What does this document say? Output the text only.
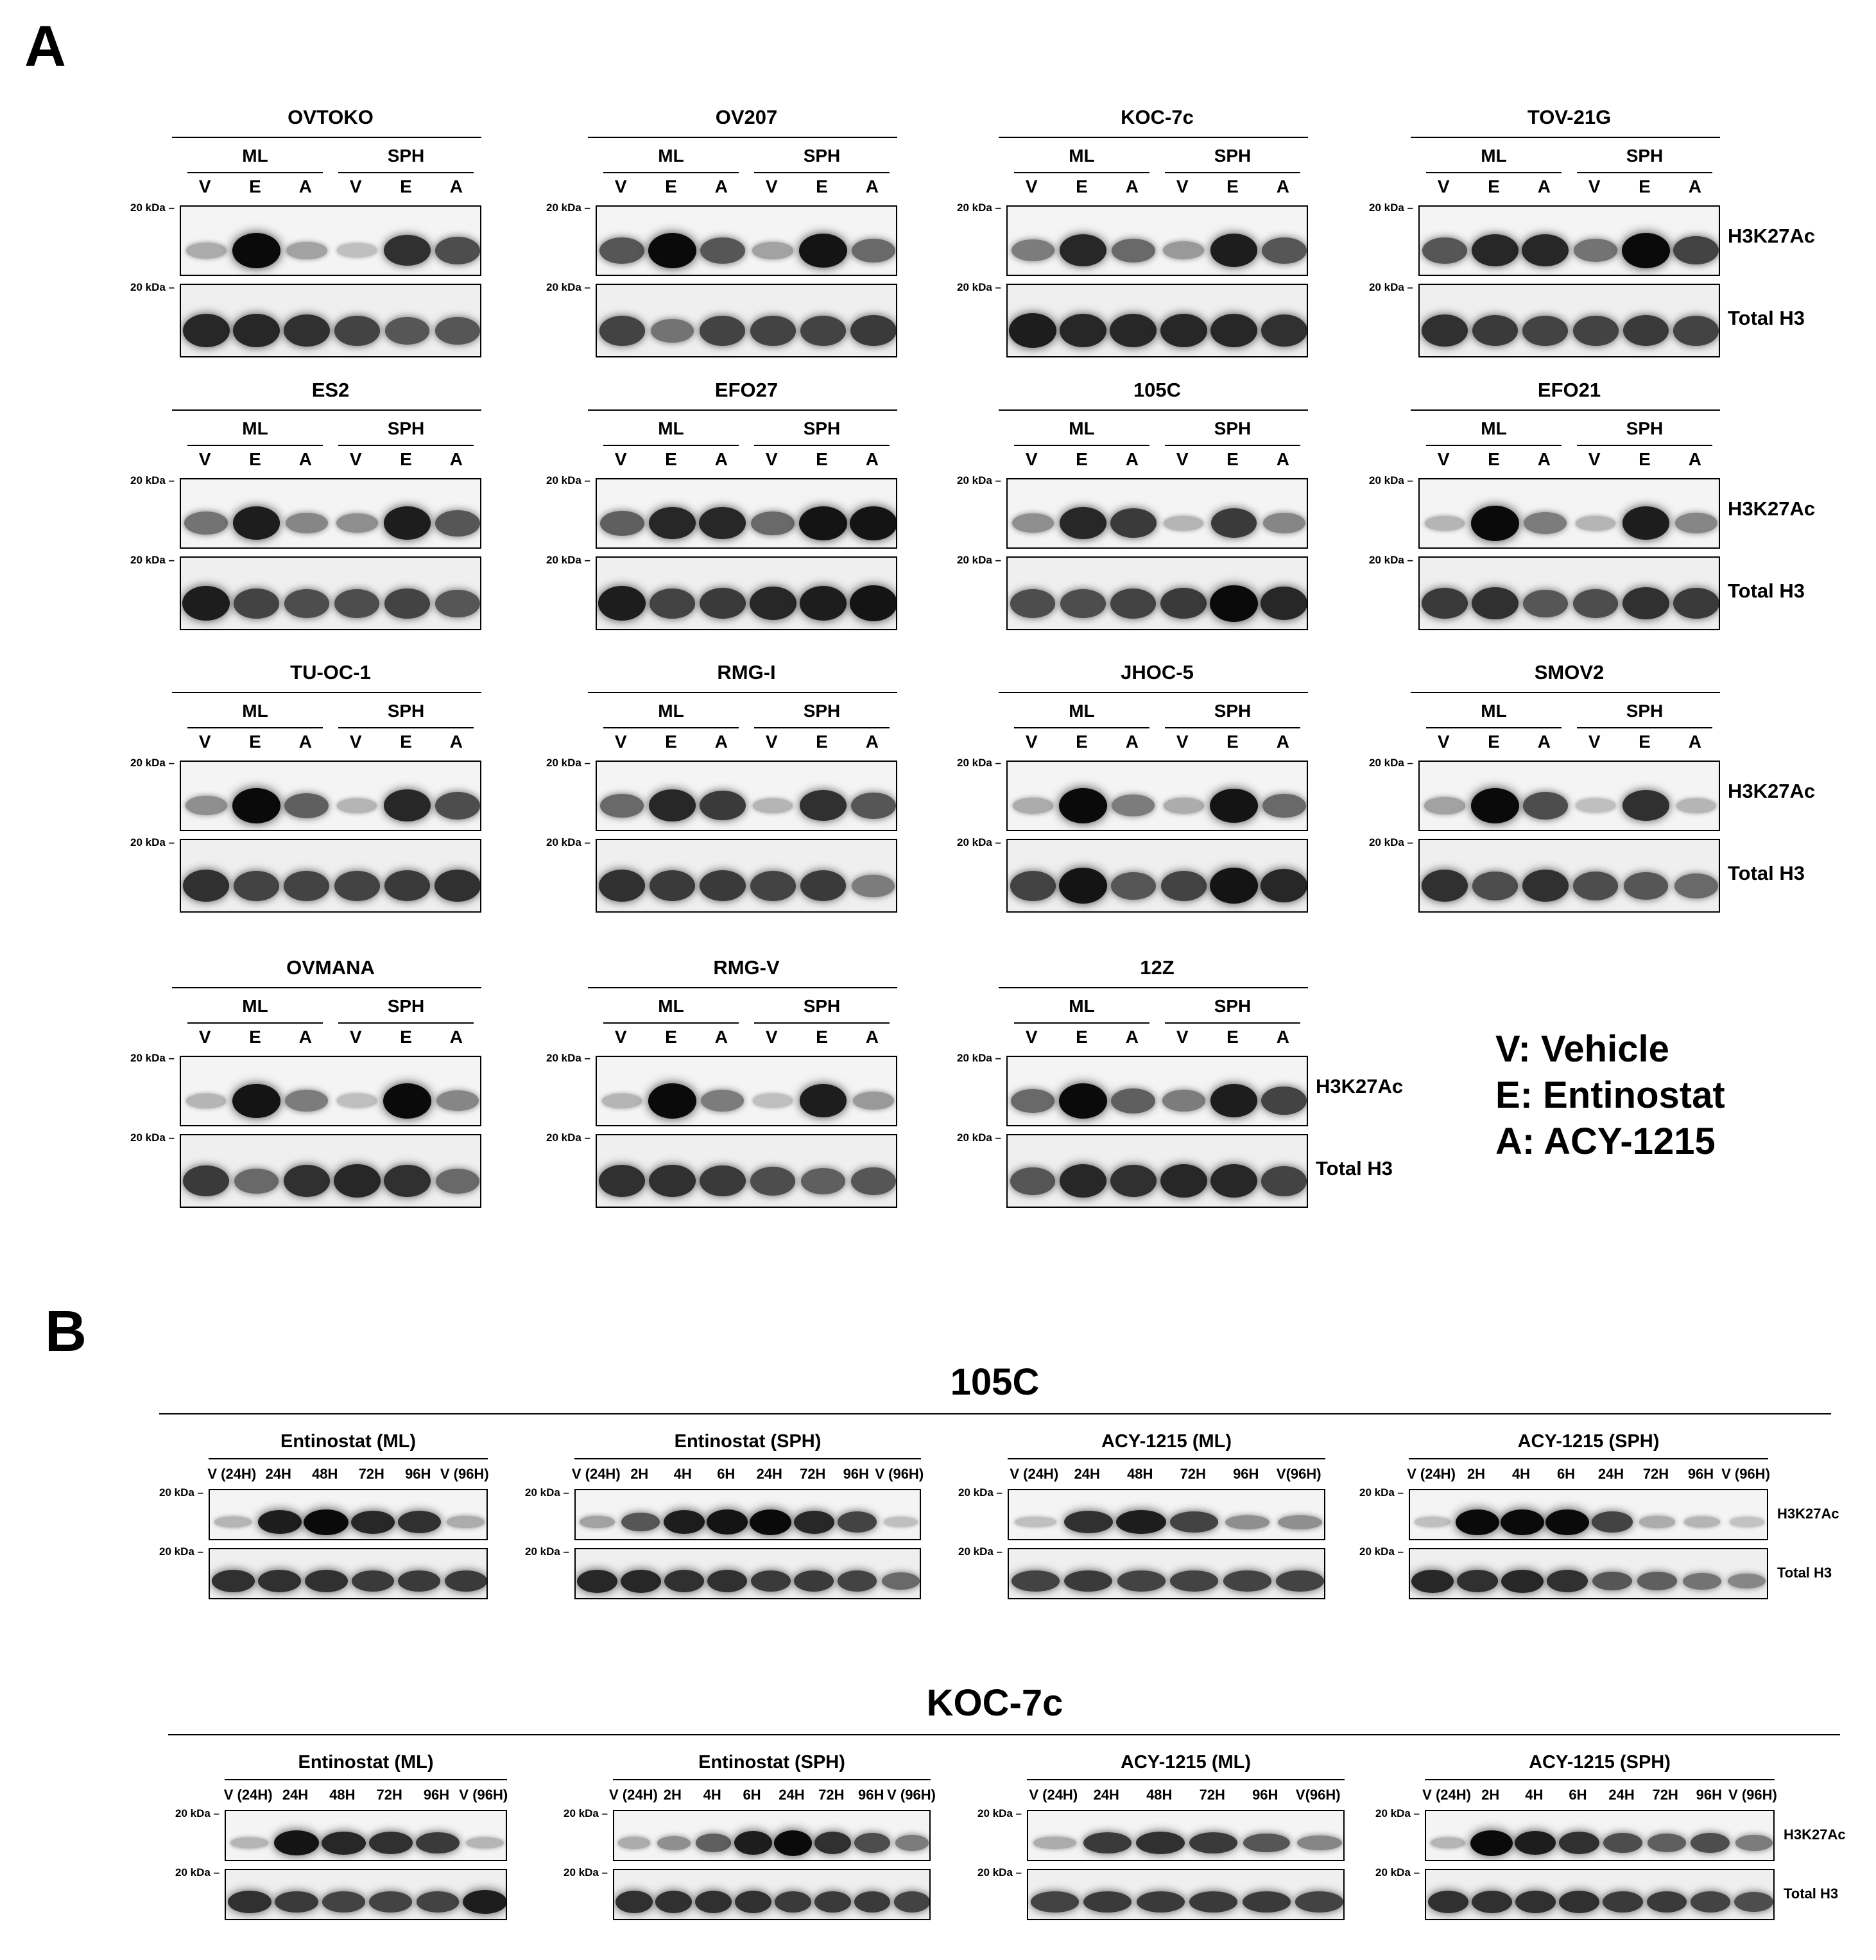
A
OVTOKO
ML	SPH
V	E	A	V	E	A
20 kDa –
20 kDa –
OV207
ML	SPH
V	E	A	V	E	A
20 kDa –
20 kDa –
KOC-7c
ML	SPH
V	E	A	V	E	A
20 kDa –
20 kDa –
TOV-21G
ML	SPH
V	E	A	V	E	A
20 kDa –
20 kDa –
H3K27Ac
Total H3
ES2
ML	SPH
V	E	A	V	E	A
20 kDa –
20 kDa –
EFO27
ML	SPH
V	E	A	V	E	A
20 kDa –
20 kDa –
105C
ML	SPH
V	E	A	V	E	A
20 kDa –
20 kDa –
EFO21
ML	SPH
V	E	A	V	E	A
20 kDa –
20 kDa –
H3K27Ac
Total H3
TU-OC-1
ML	SPH
V	E	A	V	E	A
20 kDa –
20 kDa –
RMG-I
ML	SPH
V	E	A	V	E	A
20 kDa –
20 kDa –
JHOC-5
ML	SPH
V	E	A	V	E	A
20 kDa –
20 kDa –
SMOV2
ML	SPH
V	E	A	V	E	A
20 kDa –
20 kDa –
H3K27Ac
Total H3
OVMANA
ML	SPH
V	E	A	V	E	A
20 kDa –
20 kDa –
RMG-V
ML	SPH
V	E	A	V	E	A
20 kDa –
20 kDa –
12Z
ML	SPH
V	E	A	V	E	A
20 kDa –
20 kDa –
H3K27Ac
Total H3
V: Vehicle
E: Entinostat
A: ACY-1215
B
105C
Entinostat (ML)
V (24H) 24H	48H	72H	96H V (96H)
20 kDa –
20 kDa –
Entinostat (SPH)
V (24H) 2H	4H	6H	24H	72H	96H V (96H)
20 kDa –
20 kDa –
ACY-1215 (ML)
V (24H)	24H	48H	72H	96H	V(96H)
20 kDa –
20 kDa –
ACY-1215 (SPH)
V (24H) 2H	4H	6H	24H	72H	96H V (96H)
20 kDa –
20 kDa –
H3K27Ac
Total H3
KOC-7c
Entinostat (ML)
V (24H) 24H	48H	72H	96H V (96H)
20 kDa –
20 kDa –
Entinostat (SPH)
V (24H) 2H	4H	6H	24H 72H 96H V (96H)
20 kDa –
20 kDa –
ACY-1215 (ML)
V (24H)	24H	48H	72H	96H	V(96H)
20 kDa –
20 kDa –
ACY-1215 (SPH)
V (24H) 2H	4H	6H	24H	72H	96H V (96H)
20 kDa –
20 kDa –
H3K27Ac
Total H3
